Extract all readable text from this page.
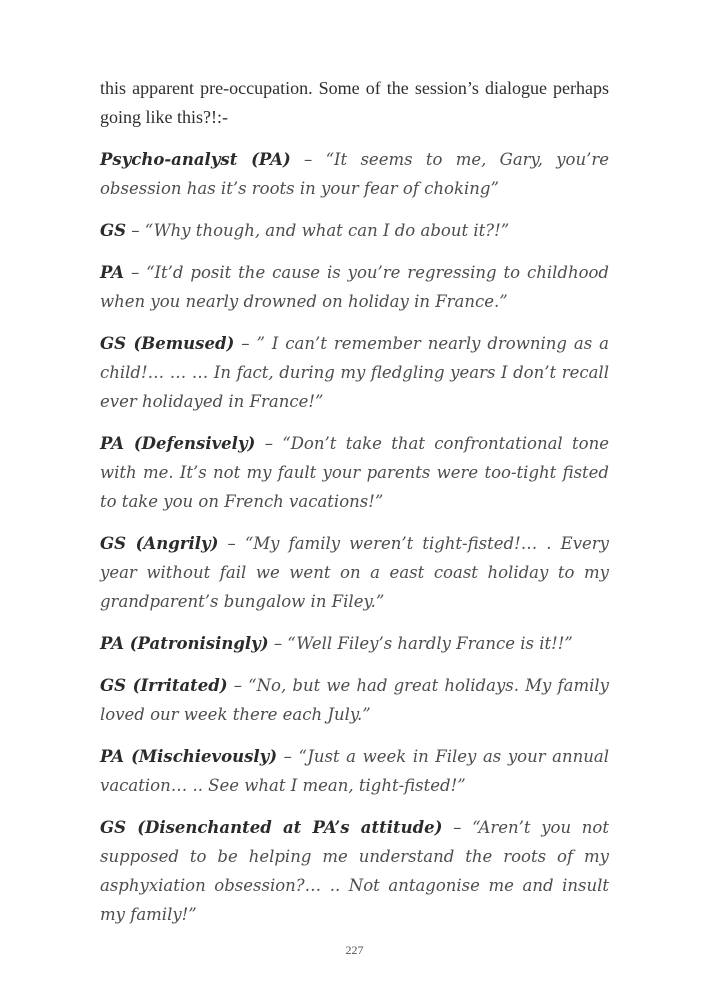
this apparent pre-occupation. Some of the session’s dialogue perhaps going like this?!:-

Psycho-analyst (PA) – “It seems to me, Gary, you’re obsession has it’s roots in your fear of choking”

GS – “Why though, and what can I do about it?!”

PA – “It’d posit the cause is you’re regressing to childhood when you nearly drowned on holiday in France.”

GS (Bemused) – ” I can’t remember nearly drowning as a child!… … … In fact, during my fledgling years I don’t recall ever holidayed in France!”

PA (Defensively) – “Don’t take that confrontational tone with me. It’s not my fault your parents were too-tight fisted to take you on French vacations!”

GS (Angrily) – “My family weren’t tight-fisted!… . Every year without fail we went on a east coast holiday to my grandparent’s bungalow in Filey.”

PA (Patronisingly) – “Well Filey’s hardly France is it!!”

GS (Irritated) – “No, but we had great holidays. My family loved our week there each July.”

PA (Mischievously) – “Just a week in Filey as your annual vacation… .. See what I mean, tight-fisted!”

GS (Disenchanted at PA’s attitude) – “Aren’t you not supposed to be helping me understand the roots of my asphyxiation obsession?… .. Not antagonise me and insult my family!”

227
